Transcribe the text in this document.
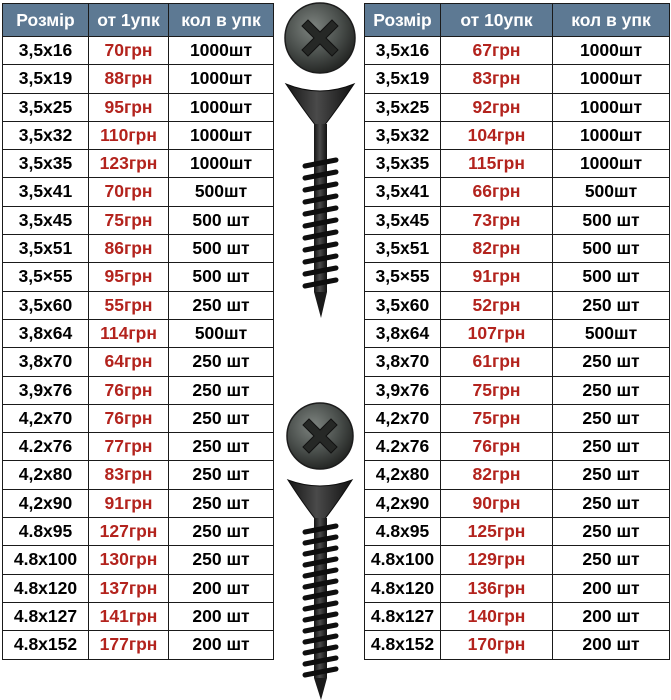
Розмір	от 1упк	кол в упк
3,5x16	70грн	1000шт
3,5x19	88грн	1000шт
3,5x25	95грн	1000шт
3,5x32	110грн	1000шт
3,5x35	123грн	1000шт
3,5x41	70грн	500шт
3,5x45	75грн	500 шт
3,5x51	86грн	500 шт
3,5×55	95грн	500 шт
3,5x60	55грн	250 шт
3,8x64	114грн	500шт
3,8x70	64грн	250 шт
3,9x76	76грн	250 шт
4,2x70	76грн	250 шт
4.2x76	77грн	250 шт
4,2x80	83грн	250 шт
4,2x90	91грн	250 шт
4.8x95	127грн	250 шт
4.8x100	130грн	250 шт
4.8x120	137грн	200 шт
4.8x127	141грн	200 шт
4.8x152	177грн	200 шт
Розмір	от 10упк	кол в упк
3,5x16	67грн	1000шт
3,5x19	83грн	1000шт
3,5x25	92грн	1000шт
3,5x32	104грн	1000шт
3,5x35	115грн	1000шт
3,5x41	66грн	500шт
3,5x45	73грн	500 шт
3,5x51	82грн	500 шт
3,5×55	91грн	500 шт
3,5x60	52грн	250 шт
3,8x64	107грн	500шт
3,8x70	61грн	250 шт
3,9x76	75грн	250 шт
4,2x70	75грн	250 шт
4.2x76	76грн	250 шт
4,2x80	82грн	250 шт
4,2x90	90грн	250 шт
4.8x95	125грн	250 шт
4.8x100	129грн	250 шт
4.8x120	136грн	200 шт
4.8x127	140грн	200 шт
4.8x152	170грн	200 шт
